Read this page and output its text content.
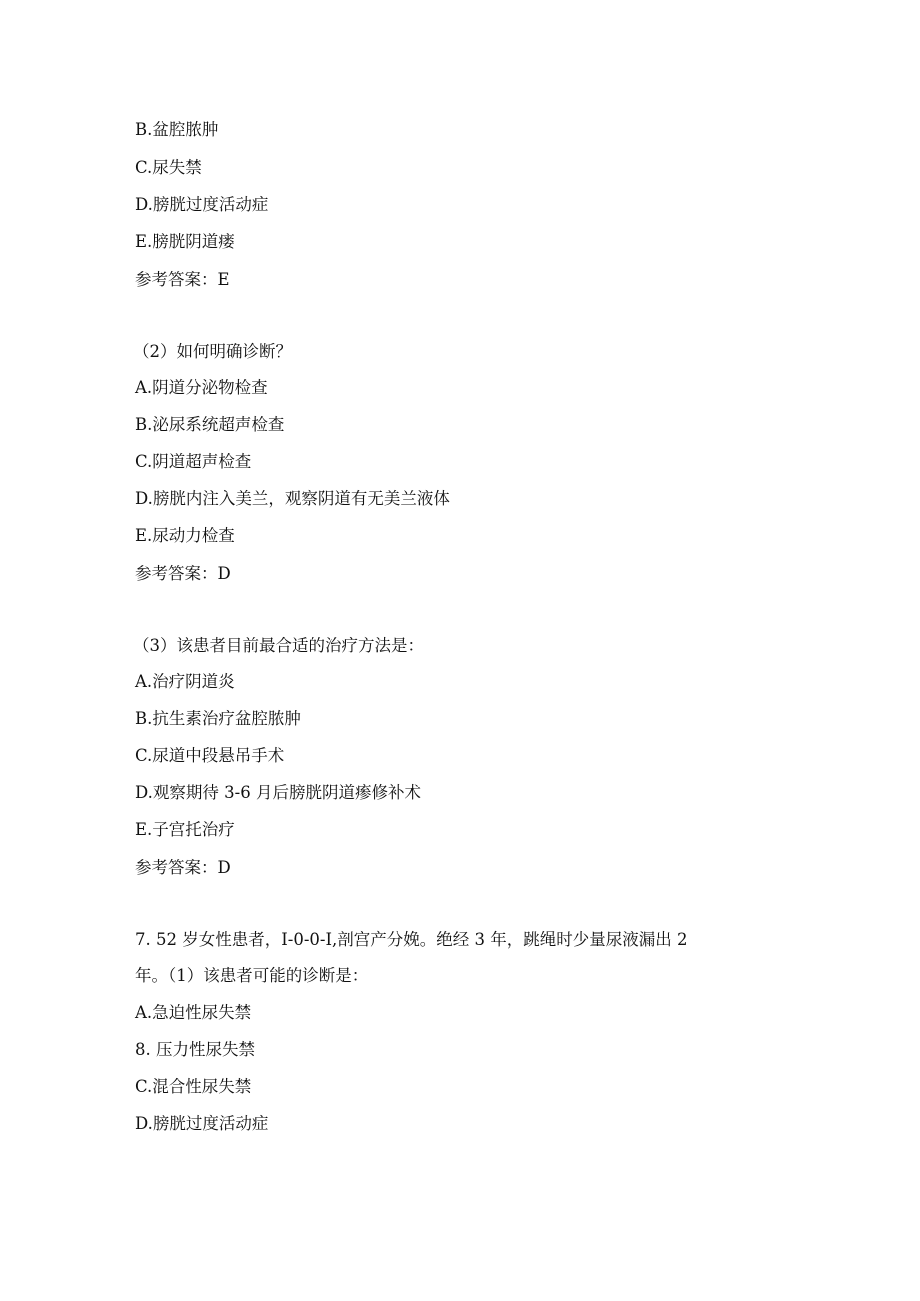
B.盆腔脓肿
C.尿失禁
D.膀胱过度活动症
E.膀胱阴道瘘
参考答案：E
（2）如何明确诊断？
A.阴道分泌物检查
B.泌尿系统超声检查
C.阴道超声检查
D.膀胱内注入美兰，观察阴道有无美兰液体
E.尿动力检查
参考答案：D
（3）该患者目前最合适的治疗方法是：
A.治疗阴道炎
B.抗生素治疗盆腔脓肿
C.尿道中段悬吊手术
D.观察期待 3-6 月后膀胱阴道瘆修补术
E.子宫托治疗
参考答案：D
7. 52 岁女性患者，I-0-0-I,剖宫产分娩。绝经 3 年，跳绳时少量尿液漏出 2
年。（1）该患者可能的诊断是：
A.急迫性尿失禁
8. 压力性尿失禁
C.混合性尿失禁
D.膀胱过度活动症
